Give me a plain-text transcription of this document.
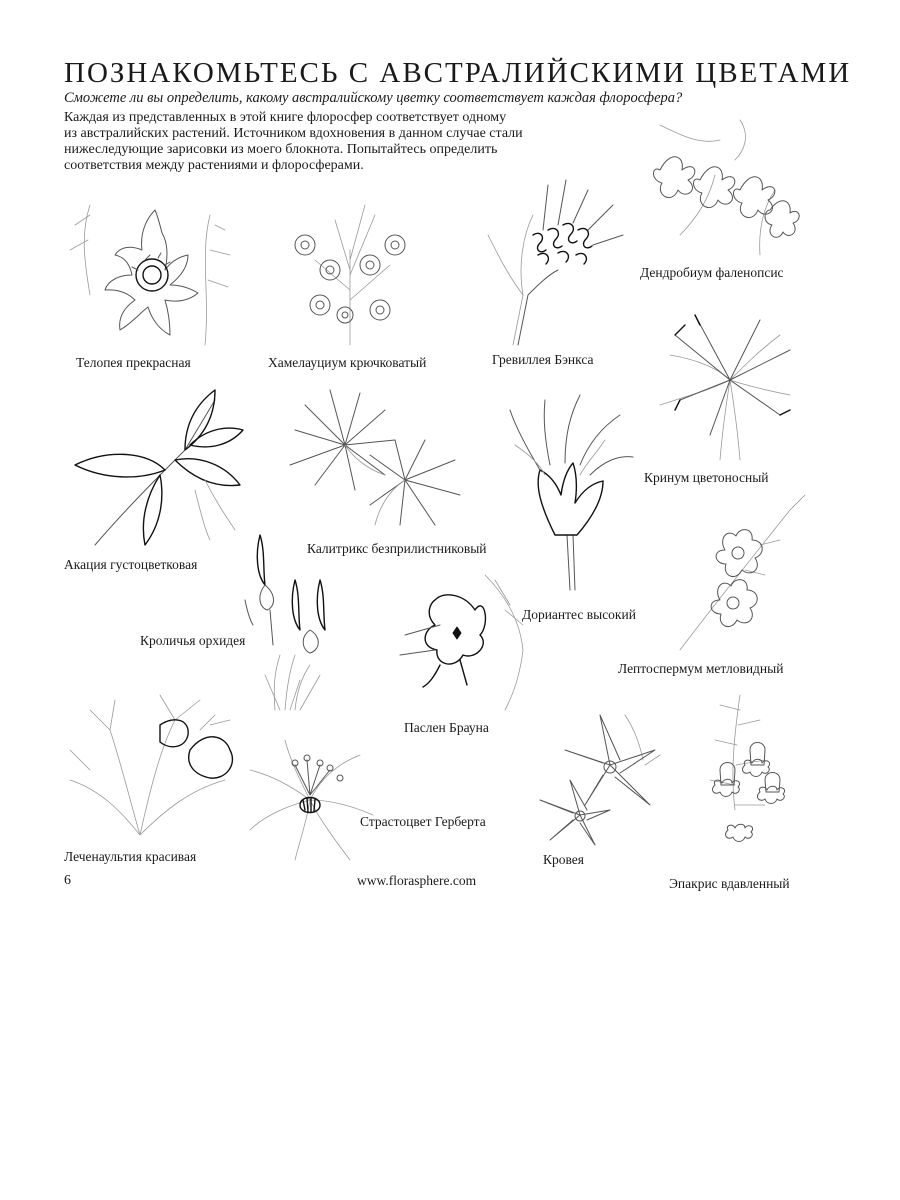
ПОЗНАКОМЬТЕСЬ С АВСТРАЛИЙСКИМИ ЦВЕТАМИ

Сможете ли вы определить, какому австралийскому цветку соответствует каждая флоросфера?

Каждая из представленных в этой книге флоросфер соответствует одному
из австралийских растений. Источником вдохновения в данном случае стали
нижеследующие зарисовки из моего блокнота. Попытайтесь определить
соответствия между растениями и флоросферами.

Телопея прекрасная	Хамелауциум крючковатый	Гревиллея Бэнкса
Дендробиум фаленопсис
Кринум цветоносный
Акация густоцветковая
Калитрикс безприлистниковый
Дориантес высокий
Кроличья орхидея
Лептоспермум метловидный
Паслен Брауна
Леченаультия красивая
Страстоцвет Герберта
Кровея
Эпакрис вдавленный
6	www.florasphere.com
